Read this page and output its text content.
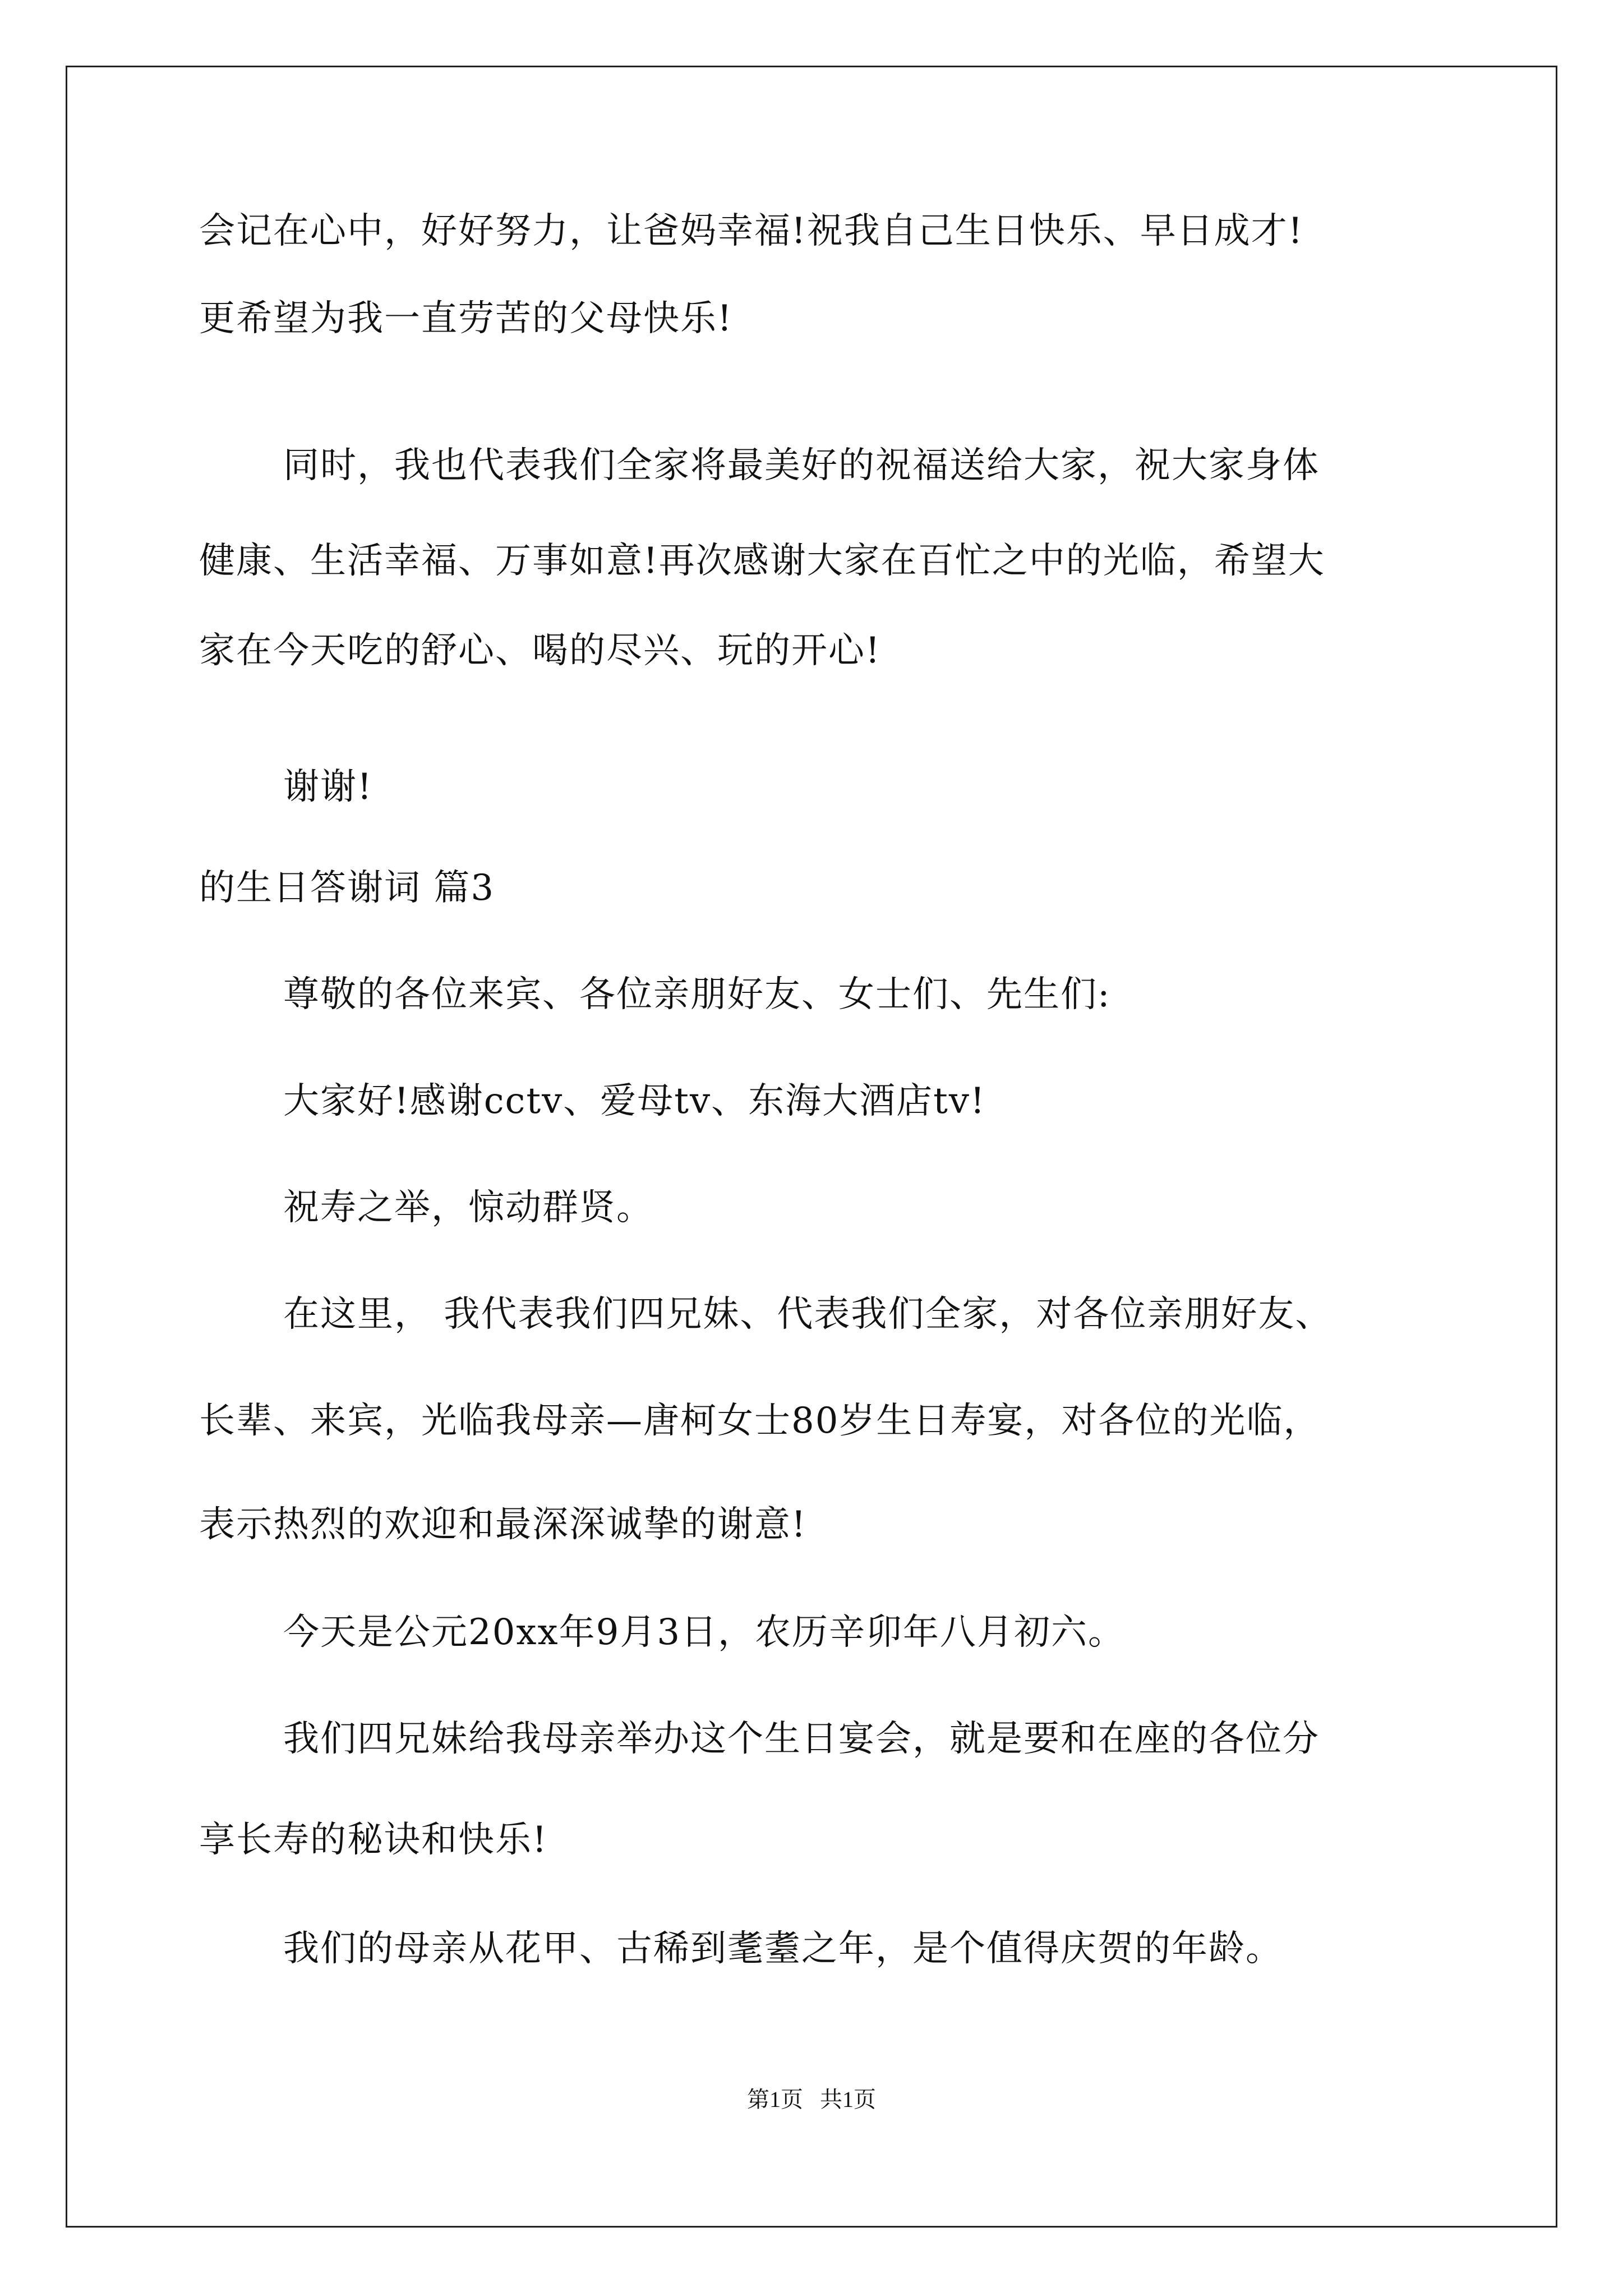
会记在心中，好好努力，让爸妈幸福!祝我自己生日快乐、早日成才!
更希望为我一直劳苦的父母快乐!
同时，我也代表我们全家将最美好的祝福送给大家，祝大家身体
健康、生活幸福、万事如意!再次感谢大家在百忙之中的光临，希望大
家在今天吃的舒心、喝的尽兴、玩的开心!
谢谢!
的生日答谢词 篇3
尊敬的各位来宾、各位亲朋好友、女士们、先生们:
大家好!感谢cctv、爱母tv、东海大酒店tv!
祝寿之举，惊动群贤。
在这里， 我代表我们四兄妹、代表我们全家，对各位亲朋好友、
长辈、来宾，光临我母亲—唐柯女士80岁生日寿宴，对各位的光临，
表示热烈的欢迎和最深深诚挚的谢意!
今天是公元20xx年9月3日，农历辛卯年八月初六。
我们四兄妹给我母亲举办这个生日宴会，就是要和在座的各位分
享长寿的秘诀和快乐!
我们的母亲从花甲、古稀到耄耋之年，是个值得庆贺的年龄。
第1页   共1页
